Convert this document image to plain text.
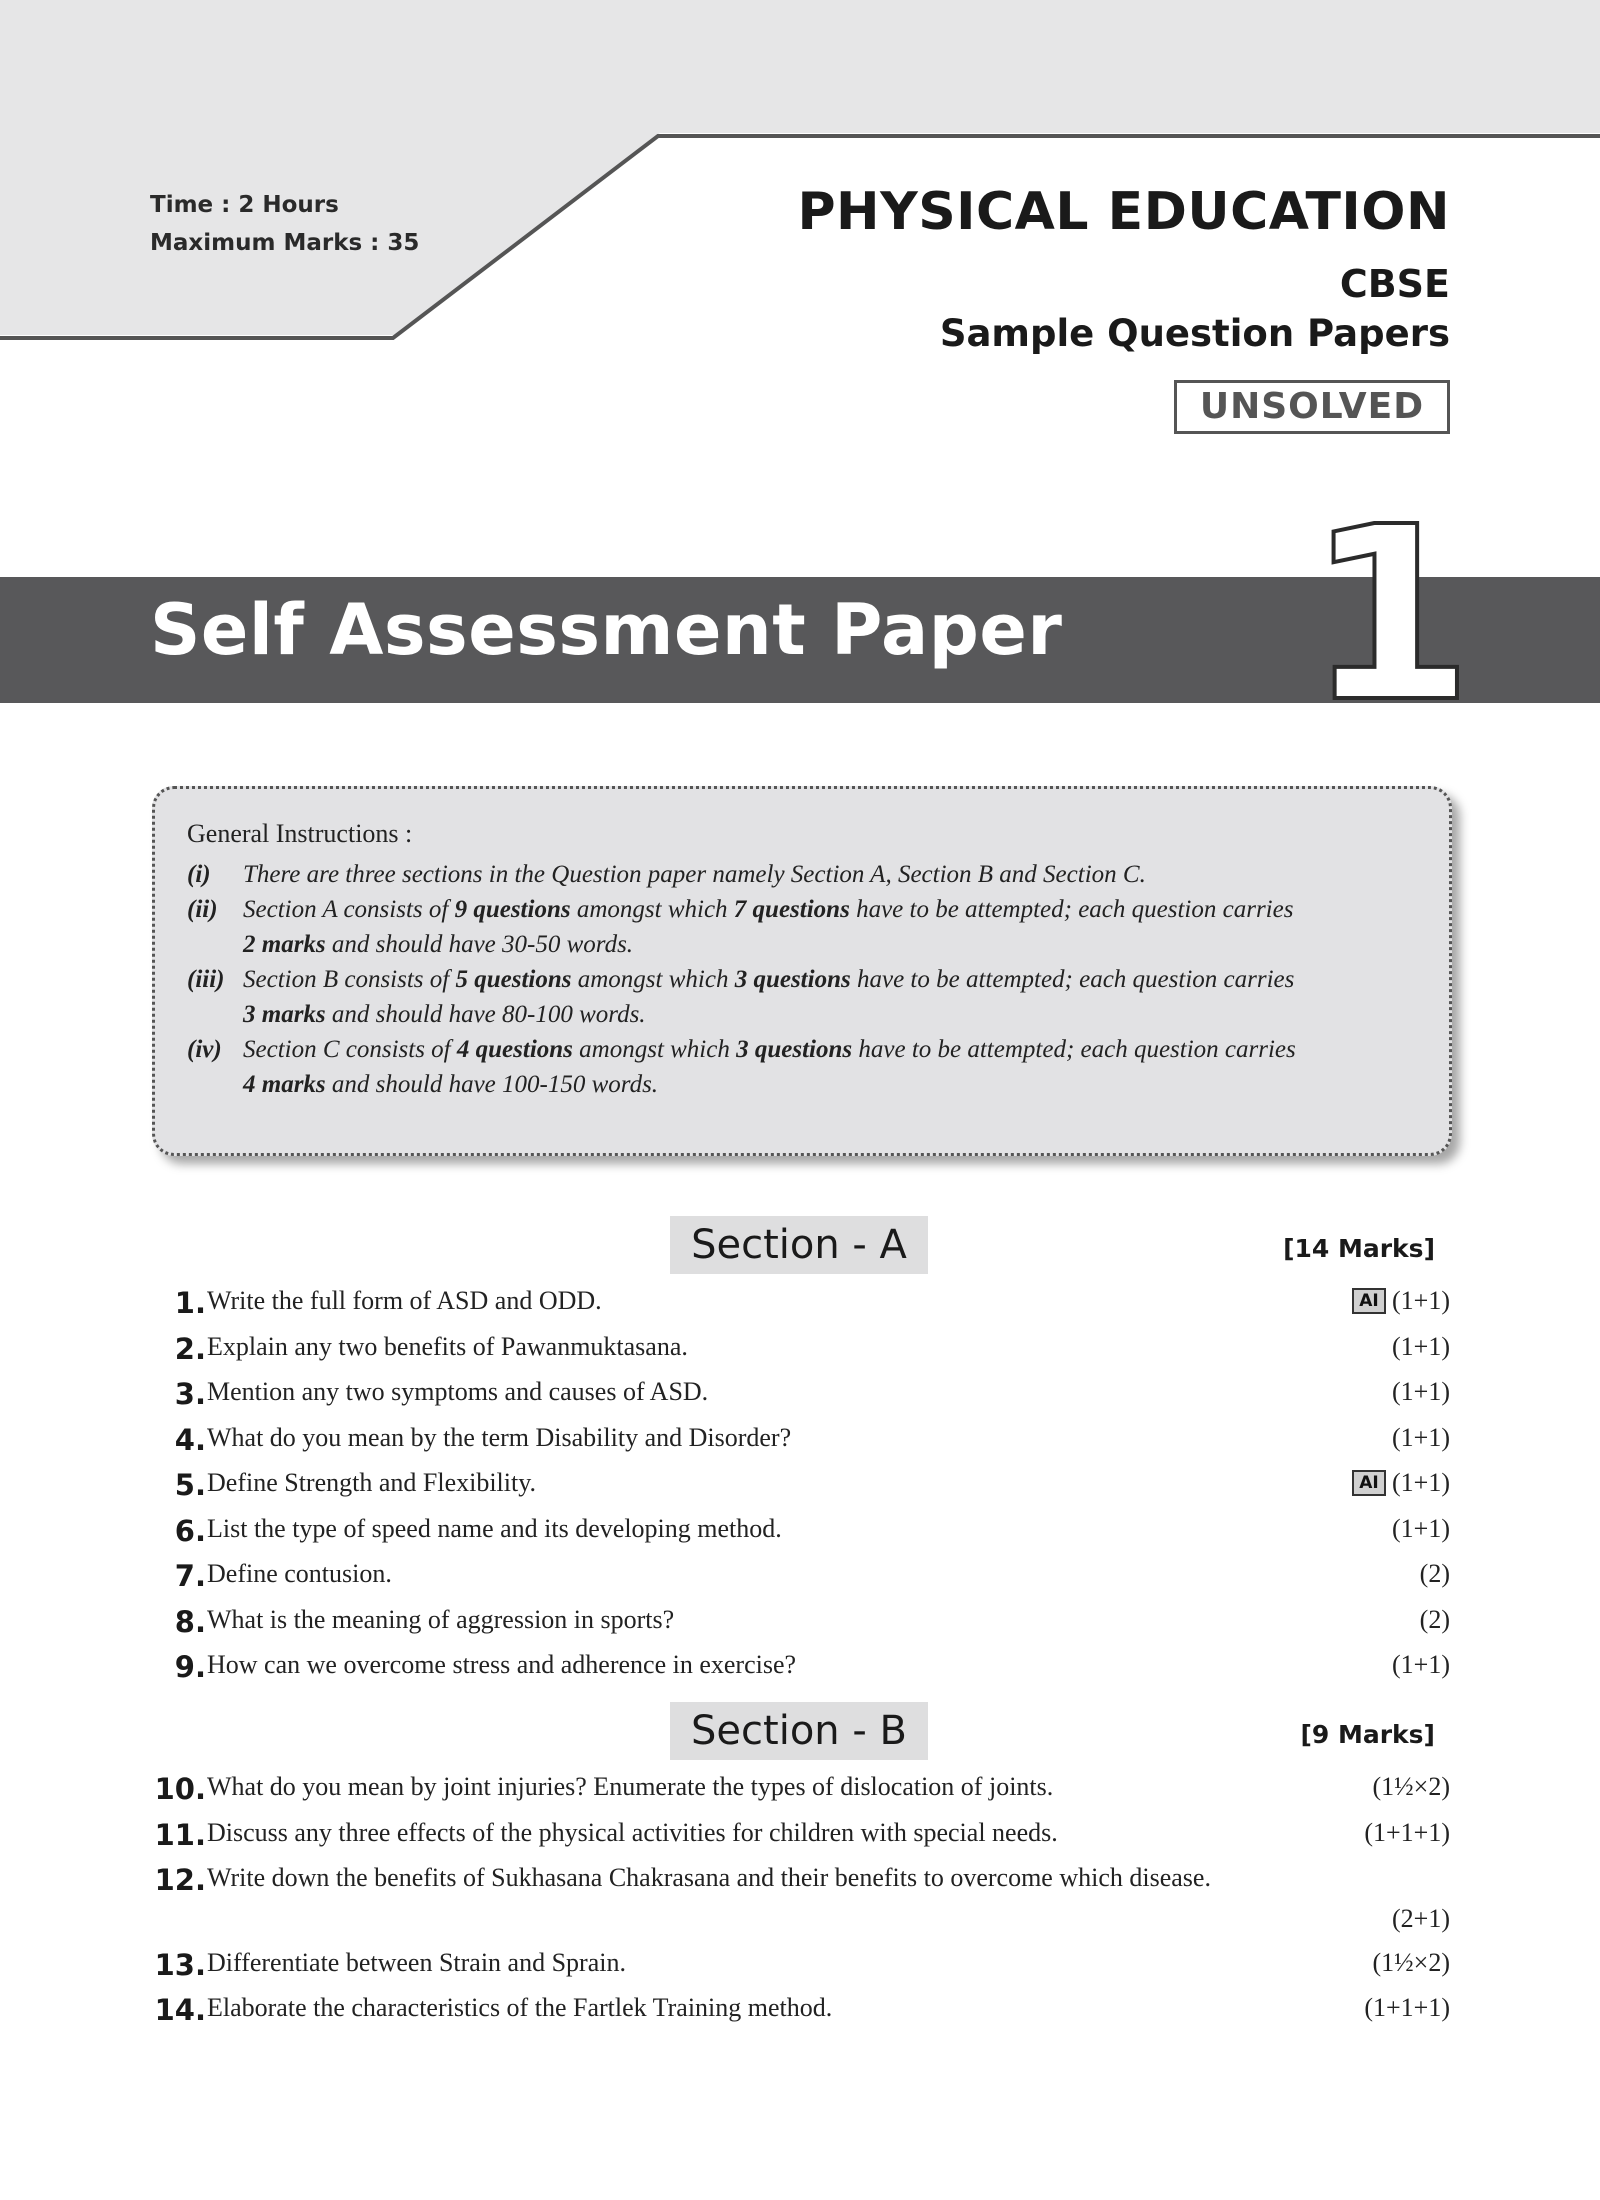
Time : 2 Hours
Maximum Marks : 35
PHYSICAL EDUCATION
CBSE
Sample Question Papers
UNSOLVED
Self Assessment Paper 1
General Instructions :
(i)	There are three sections in the Question paper namely Section A, Section B and Section C.
(ii)	Section A consists of 9 questions amongst which 7 questions have to be attempted; each question carries
2 marks and should have 30-50 words.
(iii) Section B consists of 5 questions amongst which 3 questions have to be attempted; each question carries
3 marks and should have 80-100 words.
(iv) Section C consists of 4 questions amongst which 3 questions have to be attempted; each question carries
4 marks and should have 100-150 words.
Section - A	[14 Marks]
1. Write the full form of ASD and ODD.	AI (1+1)
2. Explain any two benefits of Pawanmuktasana.	(1+1)
3. Mention any two symptoms and causes of ASD.	(1+1)
4. What do you mean by the term Disability and Disorder?	(1+1)
5. Define Strength and Flexibility.	AI (1+1)
6. List the type of speed name and its developing method.	(1+1)
7. Define contusion.	(2)
8. What is the meaning of aggression in sports?	(2)
9. How can we overcome stress and adherence in exercise?	(1+1)
Section - B	[9 Marks]
10. What do you mean by joint injuries? Enumerate the types of dislocation of joints.	(1½×2)
11. Discuss any three effects of the physical activities for children with special needs.	(1+1+1)
12. Write down the benefits of Sukhasana Chakrasana and their benefits to overcome which disease.
(2+1)
13. Differentiate between Strain and Sprain.	(1½×2)
14. Elaborate the characteristics of the Fartlek Training method.	(1+1+1)
